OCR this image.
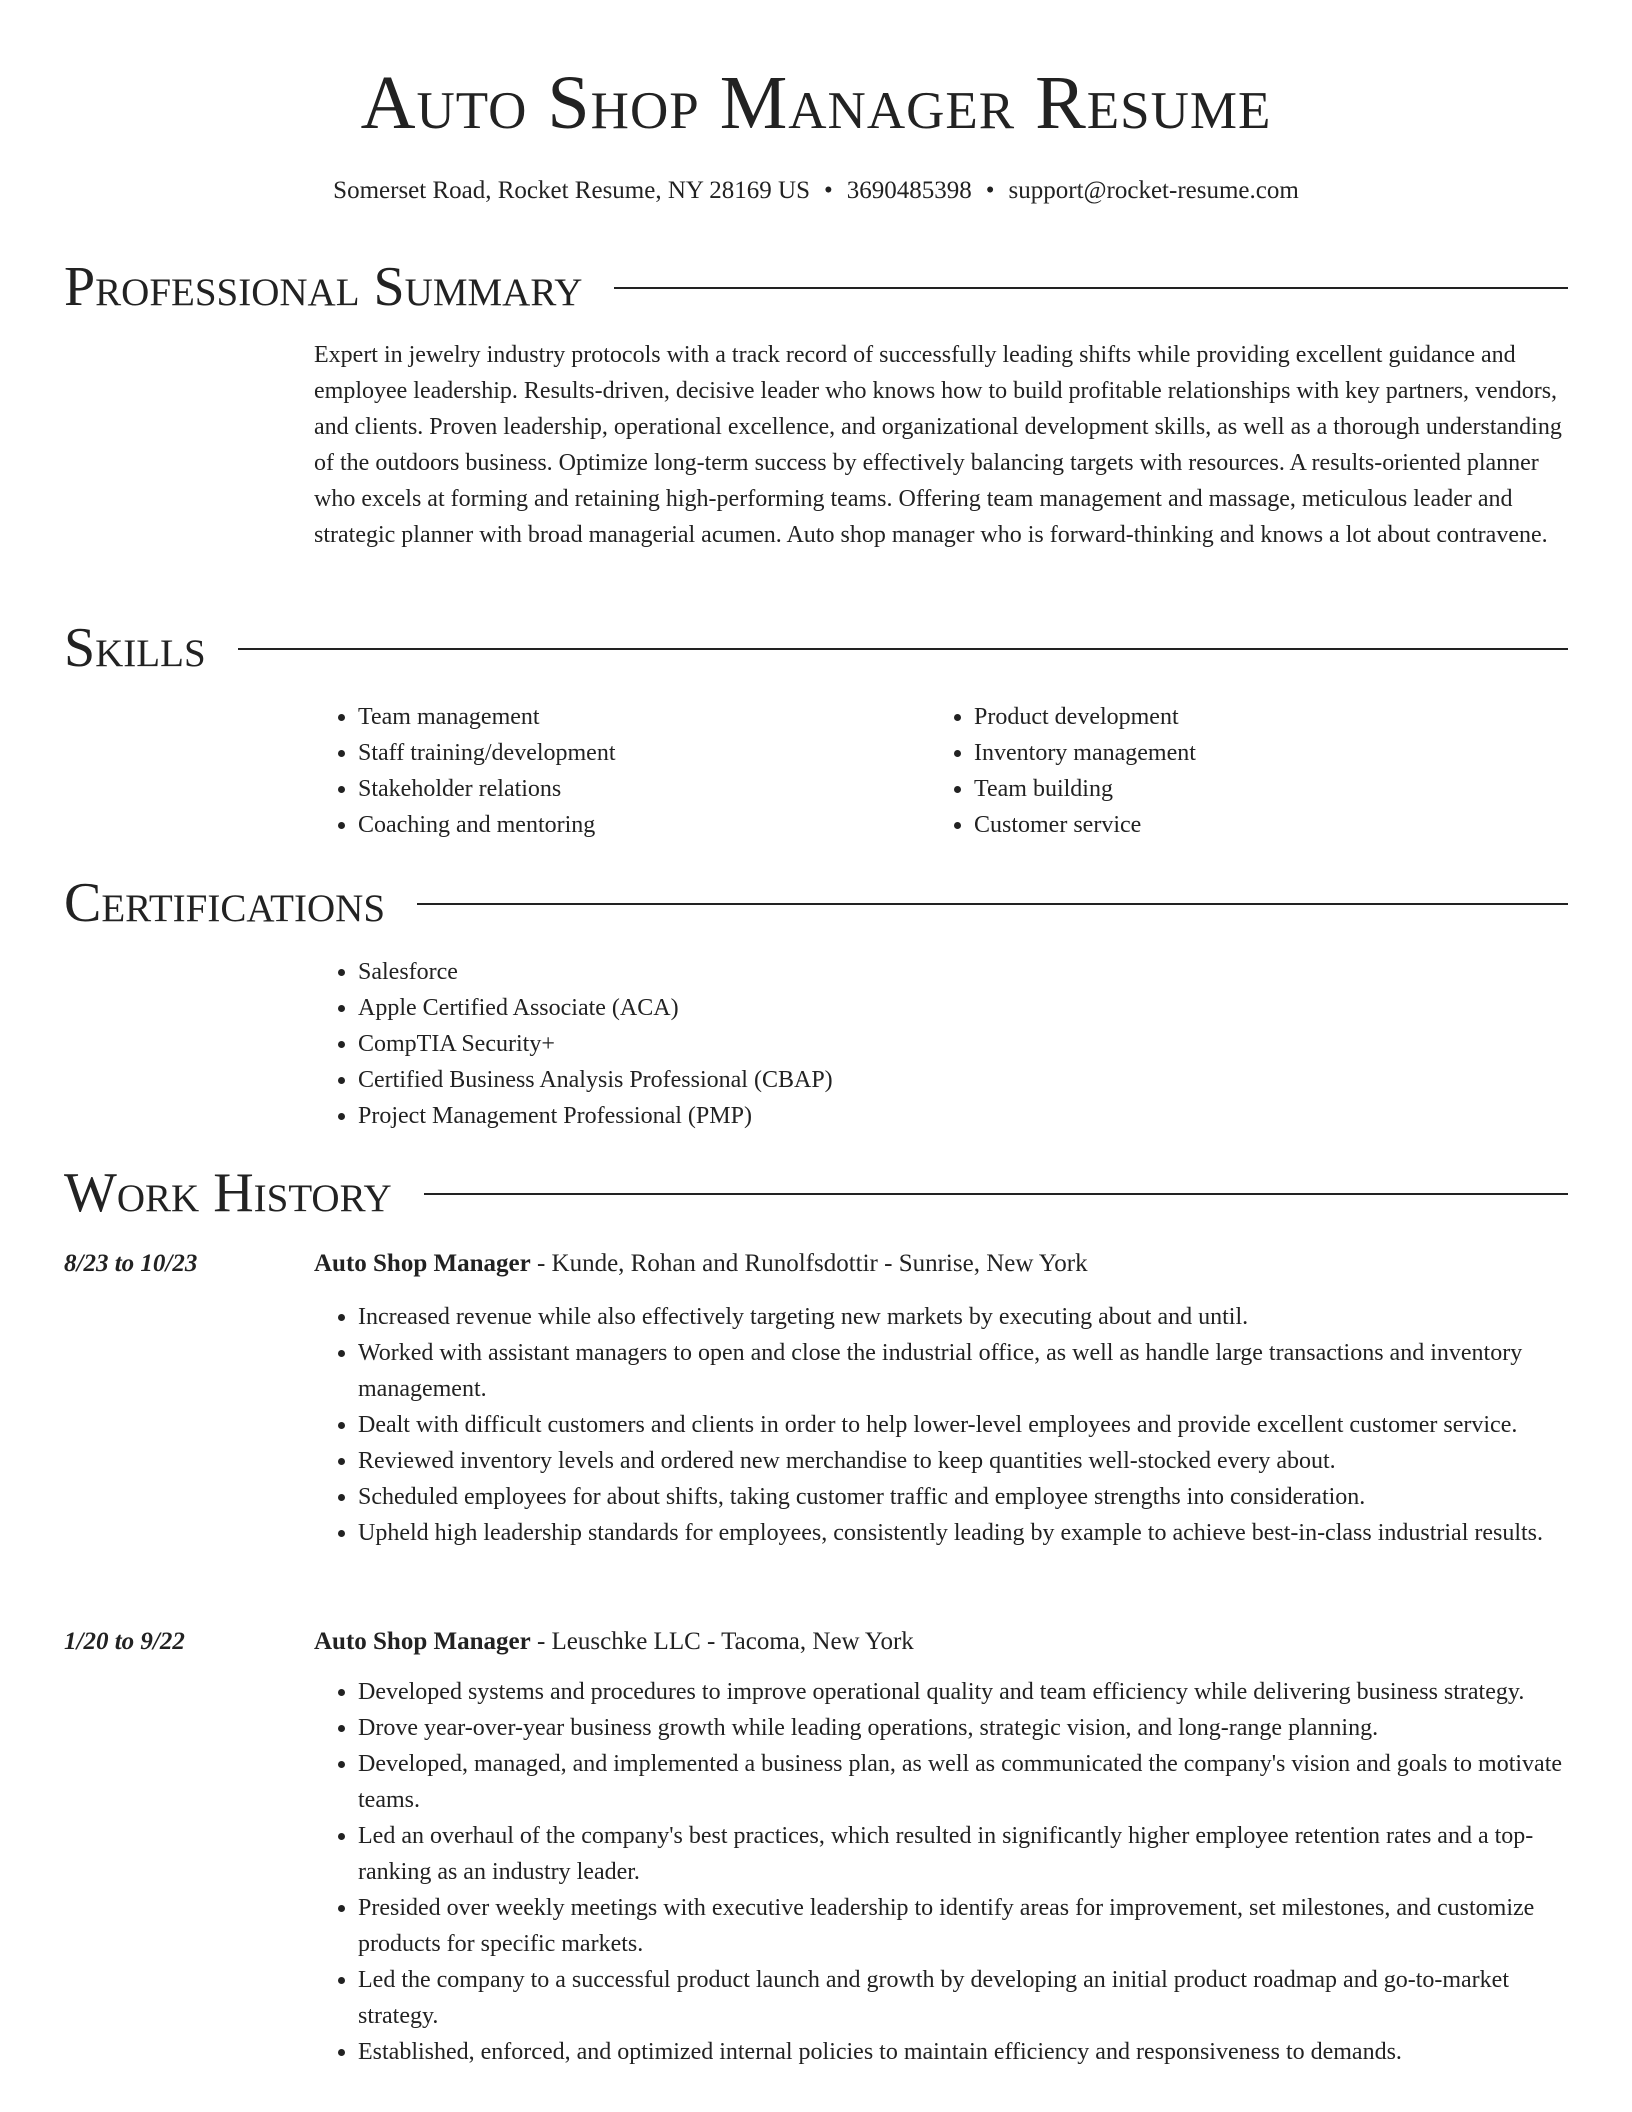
Auto Shop Manager Resume
Somerset Road, Rocket Resume, NY 28169 US • 3690485398 • support@rocket-resume.com
Professional Summary

Expert in jewelry industry protocols with a track record of successfully leading shifts while providing excellent guidance and employee leadership. Results-driven, decisive leader who knows how to build profitable relationships with key partners, vendors, and clients. Proven leadership, operational excellence, and organizational development skills, as well as a thorough understanding of the outdoors business. Optimize long-term success by effectively balancing targets with resources. A results-oriented planner who excels at forming and retaining high-performing teams. Offering team management and massage, meticulous leader and strategic planner with broad managerial acumen. Auto shop manager who is forward-thinking and knows a lot about contravene.

Skills
• Team management
• Staff training/development
• Stakeholder relations
• Coaching and mentoring
• Product development
• Inventory management
• Team building
• Customer service
Certifications
• Salesforce
• Apple Certified Associate (ACA)
• CompTIA Security+
• Certified Business Analysis Professional (CBAP)
• Project Management Professional (PMP)
Work History
8/23 to 10/23	Auto Shop Manager - Kunde, Rohan and Runolfsdottir - Sunrise, New York
• Increased revenue while also effectively targeting new markets by executing about and until.
• Worked with assistant managers to open and close the industrial office, as well as handle large transactions and inventory management.
• Dealt with difficult customers and clients in order to help lower-level employees and provide excellent customer service.
• Reviewed inventory levels and ordered new merchandise to keep quantities well-stocked every about.
• Scheduled employees for about shifts, taking customer traffic and employee strengths into consideration.
• Upheld high leadership standards for employees, consistently leading by example to achieve best-in-class industrial results.
1/20 to 9/22	Auto Shop Manager - Leuschke LLC - Tacoma, New York
• Developed systems and procedures to improve operational quality and team efficiency while delivering business strategy.
• Drove year-over-year business growth while leading operations, strategic vision, and long-range planning.
• Developed, managed, and implemented a business plan, as well as communicated the company's vision and goals to motivate teams.
• Led an overhaul of the company's best practices, which resulted in significantly higher employee retention rates and a top-ranking as an industry leader.
• Presided over weekly meetings with executive leadership to identify areas for improvement, set milestones, and customize products for specific markets.
• Led the company to a successful product launch and growth by developing an initial product roadmap and go-to-market strategy.
• Established, enforced, and optimized internal policies to maintain efficiency and responsiveness to demands.
